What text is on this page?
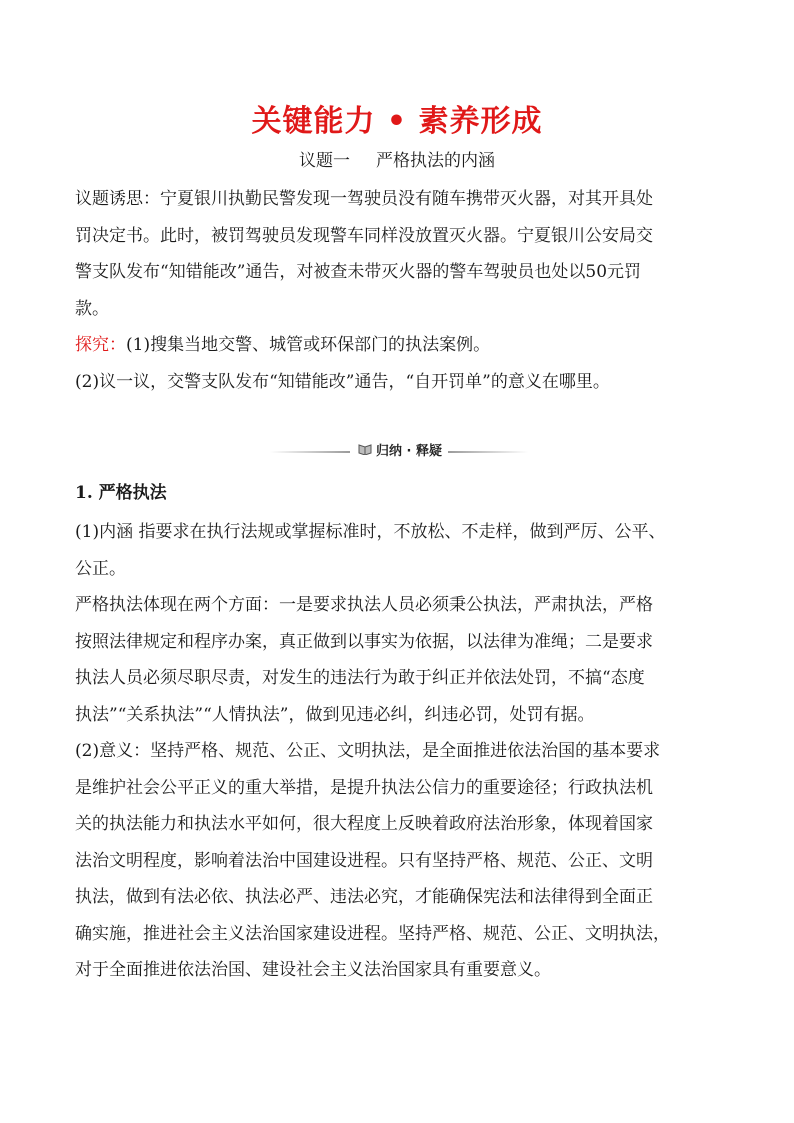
关键能力 • 素养形成
议题一 严格执法的内涵
议题诱思：宁夏银川执勤民警发现一驾驶员没有随车携带灭火器，对其开具处
罚决定书。此时，被罚驾驶员发现警车同样没放置灭火器。宁夏银川公安局交
警支队发布“知错能改”通告，对被查未带灭火器的警车驾驶员也处以50元罚
款。
探究：(1)搜集当地交警、城管或环保部门的执法案例。
(2)议一议，交警支队发布“知错能改”通告，“自开罚单”的意义在哪里。
归纳 · 释疑
1. 严格执法
(1)内涵 指要求在执行法规或掌握标准时，不放松、不走样，做到严厉、公平、
公正。
严格执法体现在两个方面：一是要求执法人员必须秉公执法，严肃执法，严格
按照法律规定和程序办案，真正做到以事实为依据，以法律为准绳；二是要求
执法人员必须尽职尽责，对发生的违法行为敢于纠正并依法处罚，不搞“态度
执法”“关系执法”“人情执法”，做到见违必纠，纠违必罚，处罚有据。
(2)意义：坚持严格、规范、公正、文明执法，是全面推进依法治国的基本要求
是维护社会公平正义的重大举措，是提升执法公信力的重要途径；行政执法机
关的执法能力和执法水平如何，很大程度上反映着政府法治形象，体现着国家
法治文明程度，影响着法治中国建设进程。只有坚持严格、规范、公正、文明
执法，做到有法必依、执法必严、违法必究，才能确保宪法和法律得到全面正
确实施，推进社会主义法治国家建设进程。坚持严格、规范、公正、文明执法，
对于全面推进依法治国、建设社会主义法治国家具有重要意义。
